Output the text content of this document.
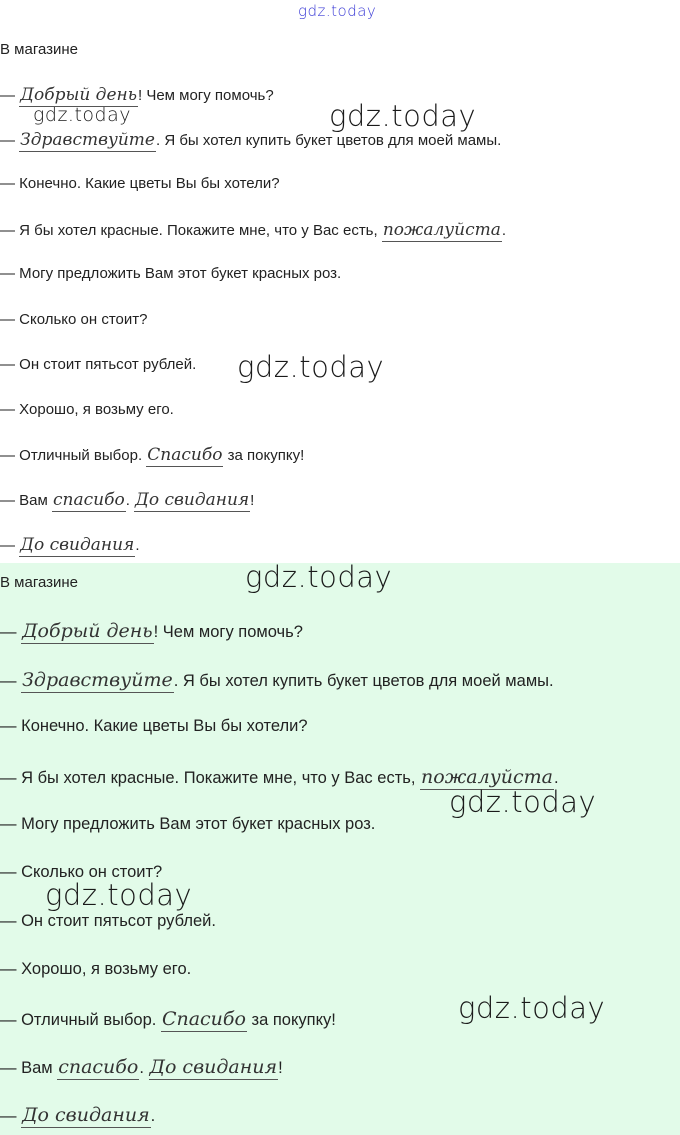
В магазине
— Добрый день! Чем могу помочь?
— Здравствуйте. Я бы хотел купить букет цветов для моей мамы.
— Конечно. Какие цветы Вы бы хотели?
— Я бы хотел красные. Покажите мне, что у Вас есть, пожалуйста.
— Могу предложить Вам этот букет красных роз.
— Сколько он стоит?
— Он стоит пятьсот рублей.
— Хорошо, я возьму его.
— Отличный выбор. Спасибо за покупку!
— Вам спасибо. До свидания!
— До свидания.
В магазине
— Добрый день! Чем могу помочь?
— Здравствуйте. Я бы хотел купить букет цветов для моей мамы.
— Конечно. Какие цветы Вы бы хотели?
— Я бы хотел красные. Покажите мне, что у Вас есть, пожалуйста.
— Могу предложить Вам этот букет красных роз.
— Сколько он стоит?
— Он стоит пятьсот рублей.
— Хорошо, я возьму его.
— Отличный выбор. Спасибо за покупку!
— Вам спасибо. До свидания!
— До свидания.
gdz.today
gdz.today	gdz.today
gdz.today
gdz.today
gdz.today
gdz.today
gdz.today
